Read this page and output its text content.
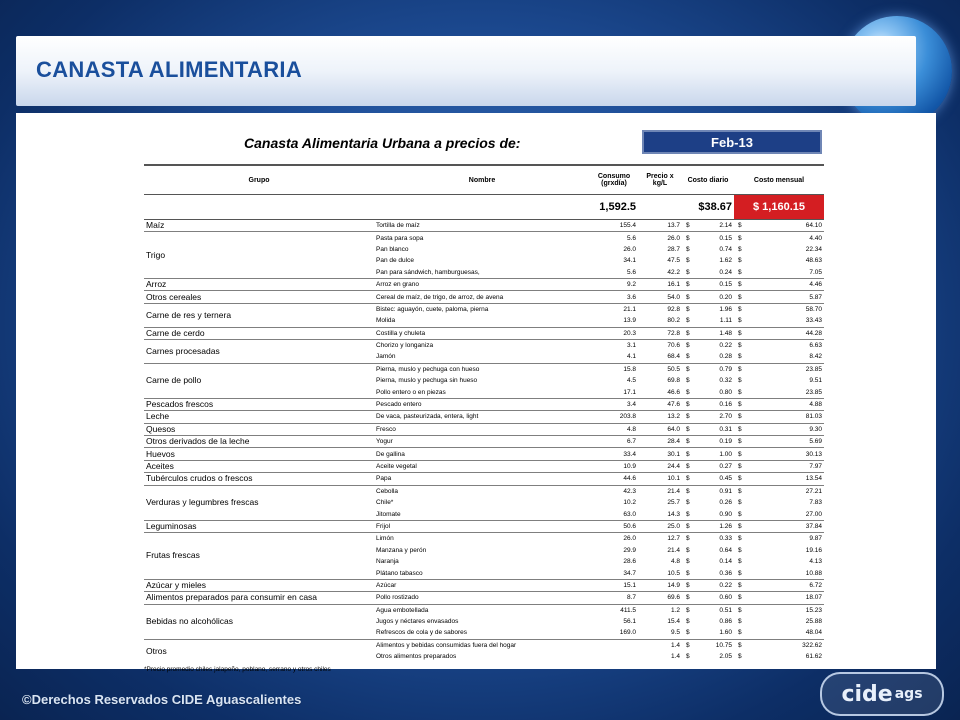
CANASTA ALIMENTARIA
Canasta Alimentaria Urbana a precios de:	Feb-13
Grupo	Nombre	Consumo (grxdía)	Precio x kg/L	Costo diario		Costo mensual	
		1,592.5		$38.67		$ 1,160.15	
Maíz	Tortilla de maíz	155.4	13.7	$	2.14	$	64.10
Trigo	Pasta para sopa	5.6	26.0	$	0.15	$	4.40
	Pan blanco	26.0	28.7	$	0.74	$	22.34
	Pan de dulce	34.1	47.5	$	1.62	$	48.63
	Pan para sándwich, hamburguesas,	5.6	42.2	$	0.24	$	7.05
Arroz	Arroz en grano	9.2	16.1	$	0.15	$	4.46
Otros cereales	Cereal de maíz, de trigo, de arroz, de avena	3.6	54.0	$	0.20	$	5.87
Carne de res y ternera	Bistec: aguayón, cuete, paloma, pierna	21.1	92.8	$	1.96	$	58.70
	Molida	13.9	80.2	$	1.11	$	33.43
Carne de cerdo	Costilla y chuleta	20.3	72.8	$	1.48	$	44.28
Carnes procesadas	Chorizo y longaniza	3.1	70.6	$	0.22	$	6.63
	Jamón	4.1	68.4	$	0.28	$	8.42
Carne de pollo	Pierna, muslo y pechuga con hueso	15.8	50.5	$	0.79	$	23.85
	Pierna, muslo y pechuga sin hueso	4.5	69.8	$	0.32	$	9.51
	Pollo entero o en piezas	17.1	46.6	$	0.80	$	23.85
Pescados frescos	Pescado entero	3.4	47.6	$	0.16	$	4.88
Leche	De vaca, pasteurizada, entera, light	203.8	13.2	$	2.70	$	81.03
Quesos	Fresco	4.8	64.0	$	0.31	$	9.30
Otros derivados de la leche	Yogur	6.7	28.4	$	0.19	$	5.69
Huevos	De gallina	33.4	30.1	$	1.00	$	30.13
Aceites	Aceite vegetal	10.9	24.4	$	0.27	$	7.97
Tubérculos crudos o frescos	Papa	44.6	10.1	$	0.45	$	13.54
Verduras y legumbres frescas	Cebolla	42.3	21.4	$	0.91	$	27.21
	Chile*	10.2	25.7	$	0.26	$	7.83
	Jitomate	63.0	14.3	$	0.90	$	27.00
Leguminosas	Frijol	50.6	25.0	$	1.26	$	37.84
Frutas frescas	Limón	26.0	12.7	$	0.33	$	9.87
	Manzana y perón	29.9	21.4	$	0.64	$	19.16
	Naranja	28.6	4.8	$	0.14	$	4.13
	Plátano tabasco	34.7	10.5	$	0.36	$	10.88
Azúcar y mieles	Azúcar	15.1	14.9	$	0.22	$	6.72
Alimentos preparados para consumir en casa	Pollo rostizado	8.7	69.6	$	0.60	$	18.07
Bebidas no alcohólicas	Agua embotellada	411.5	1.2	$	0.51	$	15.23
	Jugos y néctares envasados	56.1	15.4	$	0.86	$	25.88
	Refrescos de cola y de sabores	169.0	9.5	$	1.60	$	48.04
Otros	Alimentos y bebidas consumidas fuera del hogar		1.4	$	10.75	$	322.62
	Otros alimentos preparados		1.4	$	2.05	$	61.62
*Precio promedio chiles jalapeño, poblano, serrano y otros chiles
©Derechos Reservados CIDE Aguascalientes	cide ags
